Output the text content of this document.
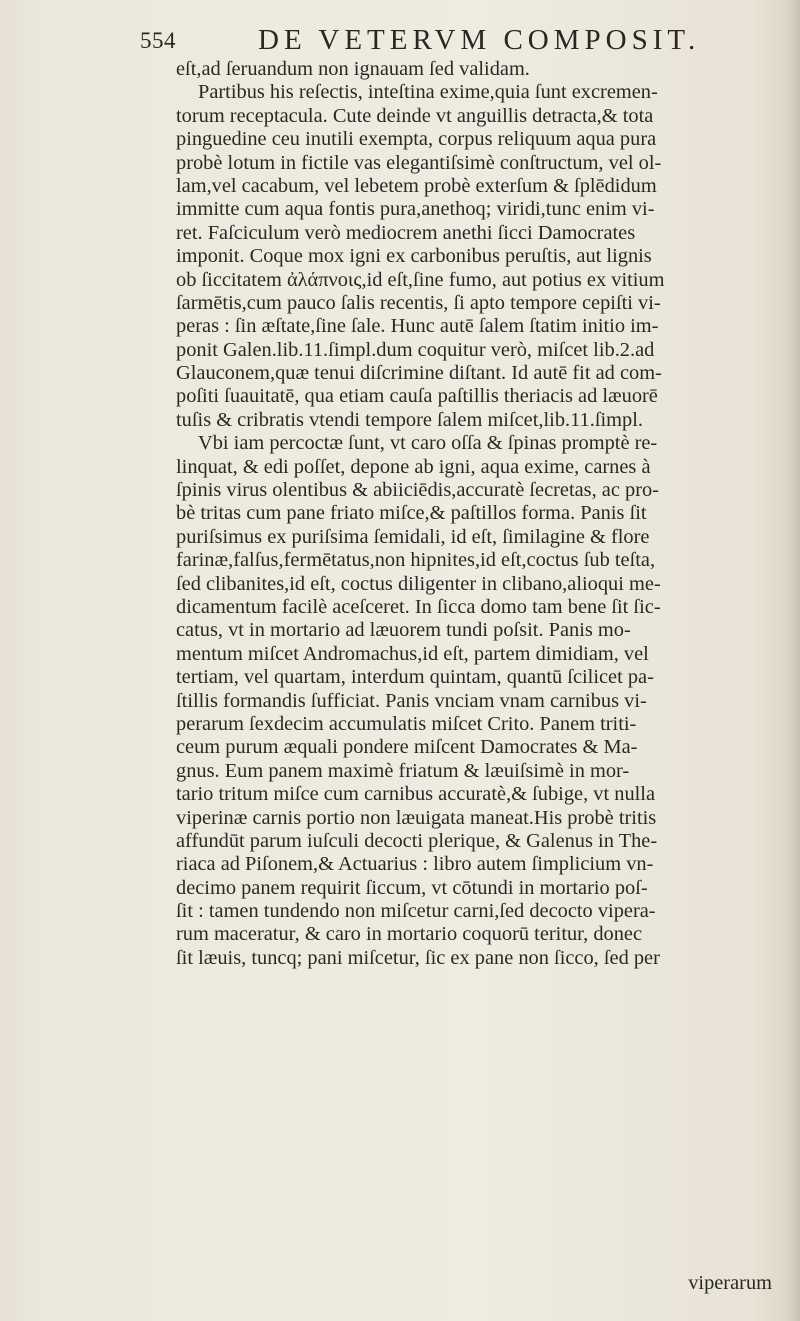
554	DE VETERVM COMPOSIT.
eſt,ad ſeruandum non ignauam ſed validam.
Partibus his reſectis, inteſtina exime,quia ſunt excremen-
torum receptacula. Cute deinde vt anguillis detracta,& tota
pinguedine ceu inutili exempta, corpus reliquum aqua pura
probè lotum in fictile vas elegantiſsimè conſtructum, vel ol-
lam,vel cacabum, vel lebetem probè exterſum & ſplēdidum
immitte cum aqua fontis pura,anethoq; viridi,tunc enim vi-
ret. Faſciculum verò mediocrem anethi ſicci Damocrates
imponit. Coque mox igni ex carbonibus peruſtis, aut lignis
ob ſiccitatem ἀλάπνοις,id eſt,ſine fumo, aut potius ex vitium
ſarmētis,cum pauco ſalis recentis, ſi apto tempore cepiſti vi-
peras : ſin æſtate,ſine ſale. Hunc autē ſalem ſtatim initio im-
ponit Galen.lib.11.ſimpl.dum coquitur verò, miſcet lib.2.ad
Glauconem,quæ tenui diſcrimine diſtant. Id autē fit ad com-
poſiti ſuauitatē, qua etiam cauſa paſtillis theriacis ad læuorē
tuſis & cribratis vtendi tempore ſalem miſcet,lib.11.ſimpl.
Vbi iam percoctæ ſunt, vt caro oſſa & ſpinas promptè re-
linquat, & edi poſſet, depone ab igni, aqua exime, carnes à
ſpinis virus olentibus & abiiciēdis,accuratè ſecretas, ac pro-
bè tritas cum pane friato miſce,& paſtillos forma. Panis ſit
puriſsimus ex puriſsima ſemidali, id eſt, ſimilagine & flore
farinæ,falſus,fermētatus,non hipnites,id eſt,coctus ſub teſta,
ſed clibanites,id eſt, coctus diligenter in clibano,alioqui me-
dicamentum facilè aceſceret. In ſicca domo tam bene ſit ſic-
catus, vt in mortario ad læuorem tundi poſsit. Panis mo-
mentum miſcet Andromachus,id eſt, partem dimidiam, vel
tertiam, vel quartam, interdum quintam, quantū ſcilicet pa-
ſtillis formandis ſufficiat. Panis vnciam vnam carnibus vi-
perarum ſexdecim accumulatis miſcet Crito. Panem triti-
ceum purum æquali pondere miſcent Damocrates & Ma-
gnus. Eum panem maximè friatum & læuiſsimè in mor-
tario tritum miſce cum carnibus accuratè,& ſubige, vt nulla
viperinæ carnis portio non læuigata maneat.His probè tritis
affundūt parum iuſculi decocti plerique, & Galenus in The-
riaca ad Piſonem,& Actuarius : libro autem ſimplicium vn-
decimo panem requirit ſiccum, vt cōtundi in mortario poſ-
ſit : tamen tundendo non miſcetur carni,ſed decocto vipera-
rum maceratur, & caro in mortario coquorū teritur, donec
ſit læuis, tuncq; pani miſcetur, ſic ex pane non ſicco, ſed per
viperarum
